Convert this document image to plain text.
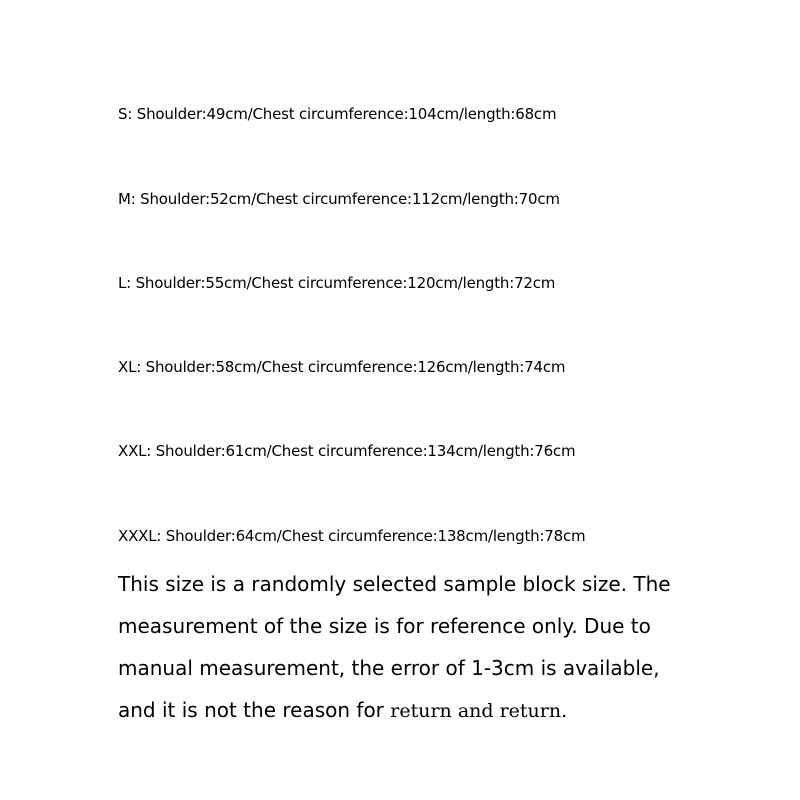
S: Shoulder:49cm/Chest circumference:104cm/length:68cm
M: Shoulder:52cm/Chest circumference:112cm/length:70cm
L: Shoulder:55cm/Chest circumference:120cm/length:72cm
XL: Shoulder:58cm/Chest circumference:126cm/length:74cm
XXL: Shoulder:61cm/Chest circumference:134cm/length:76cm
XXXL: Shoulder:64cm/Chest circumference:138cm/length:78cm
This size is a randomly selected sample block size. The
measurement of the size is for reference only. Due to
manual measurement, the error of 1-3cm is available,
and it is not the reason for return and return.
